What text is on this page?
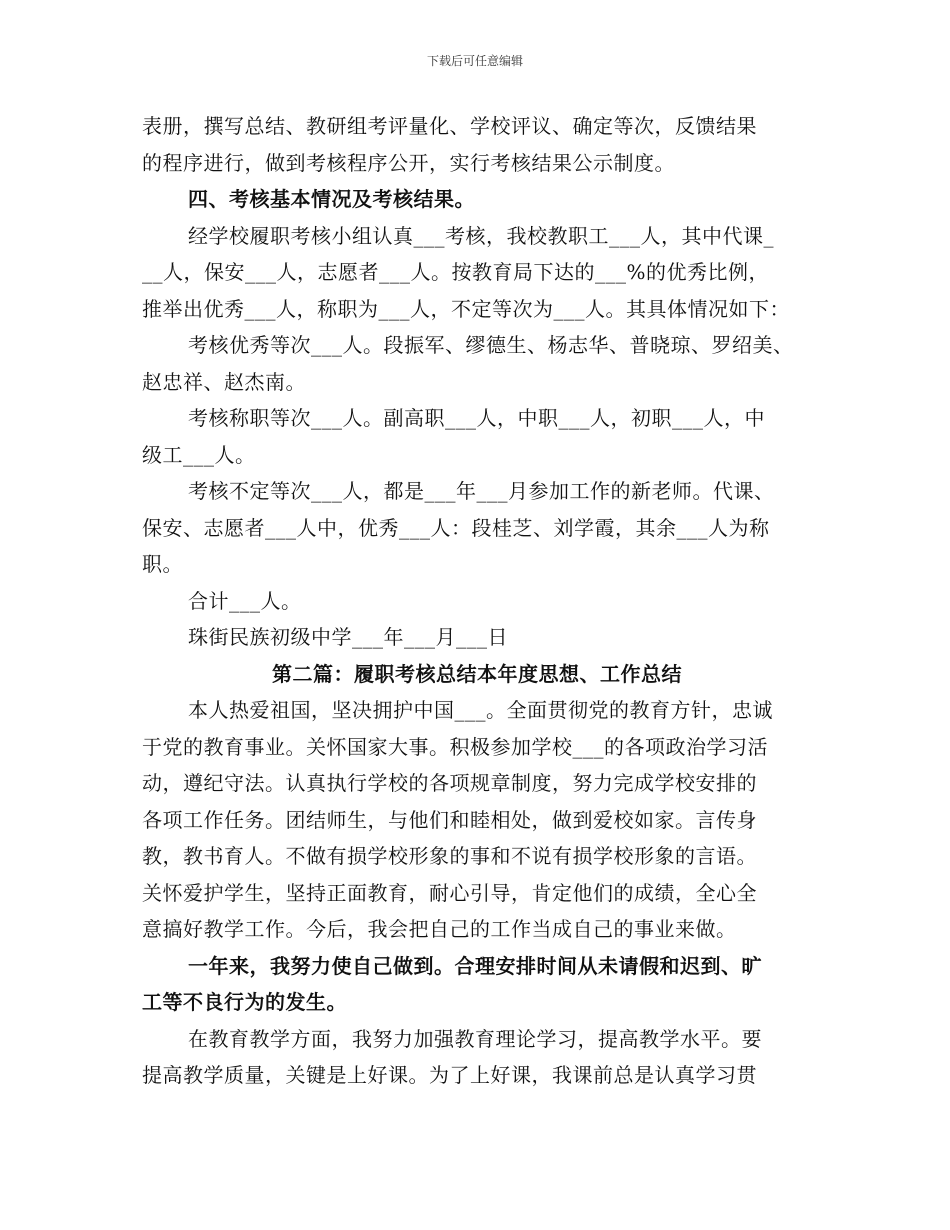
下载后可任意编辑
表册，撰写总结、教研组考评量化、学校评议、确定等次，反馈结果
的程序进行，做到考核程序公开，实行考核结果公示制度。
四、考核基本情况及考核结果。
经学校履职考核小组认真___考核，我校教职工___人，其中代课_
__人，保安___人，志愿者___人。按教育局下达的___%的优秀比例，
推举出优秀___人，称职为___人，不定等次为___人。其具体情况如下：
考核优秀等次___人。段振军、缪德生、杨志华、普晓琼、罗绍美、
赵忠祥、赵杰南。
考核称职等次___人。副高职___人，中职___人，初职___人，中
级工___人。
考核不定等次___人，都是___年___月参加工作的新老师。代课、
保安、志愿者___人中，优秀___人：段桂芝、刘学霞，其余___人为称
职。
合计___人。
珠街民族初级中学___年___月___日
第二篇：履职考核总结本年度思想、工作总结
本人热爱祖国，坚决拥护中国___。全面贯彻党的教育方针，忠诚
于党的教育事业。关怀国家大事。积极参加学校___的各项政治学习活
动，遵纪守法。认真执行学校的各项规章制度，努力完成学校安排的
各项工作任务。团结师生，与他们和睦相处，做到爱校如家。言传身
教，教书育人。不做有损学校形象的事和不说有损学校形象的言语。
关怀爱护学生，坚持正面教育，耐心引导，肯定他们的成绩，全心全
意搞好教学工作。今后，我会把自己的工作当成自己的事业来做。
一年来，我努力使自己做到。合理安排时间从未请假和迟到、旷
工等不良行为的发生。
在教育教学方面，我努力加强教育理论学习，提高教学水平。要
提高教学质量，关键是上好课。为了上好课，我课前总是认真学习贯
